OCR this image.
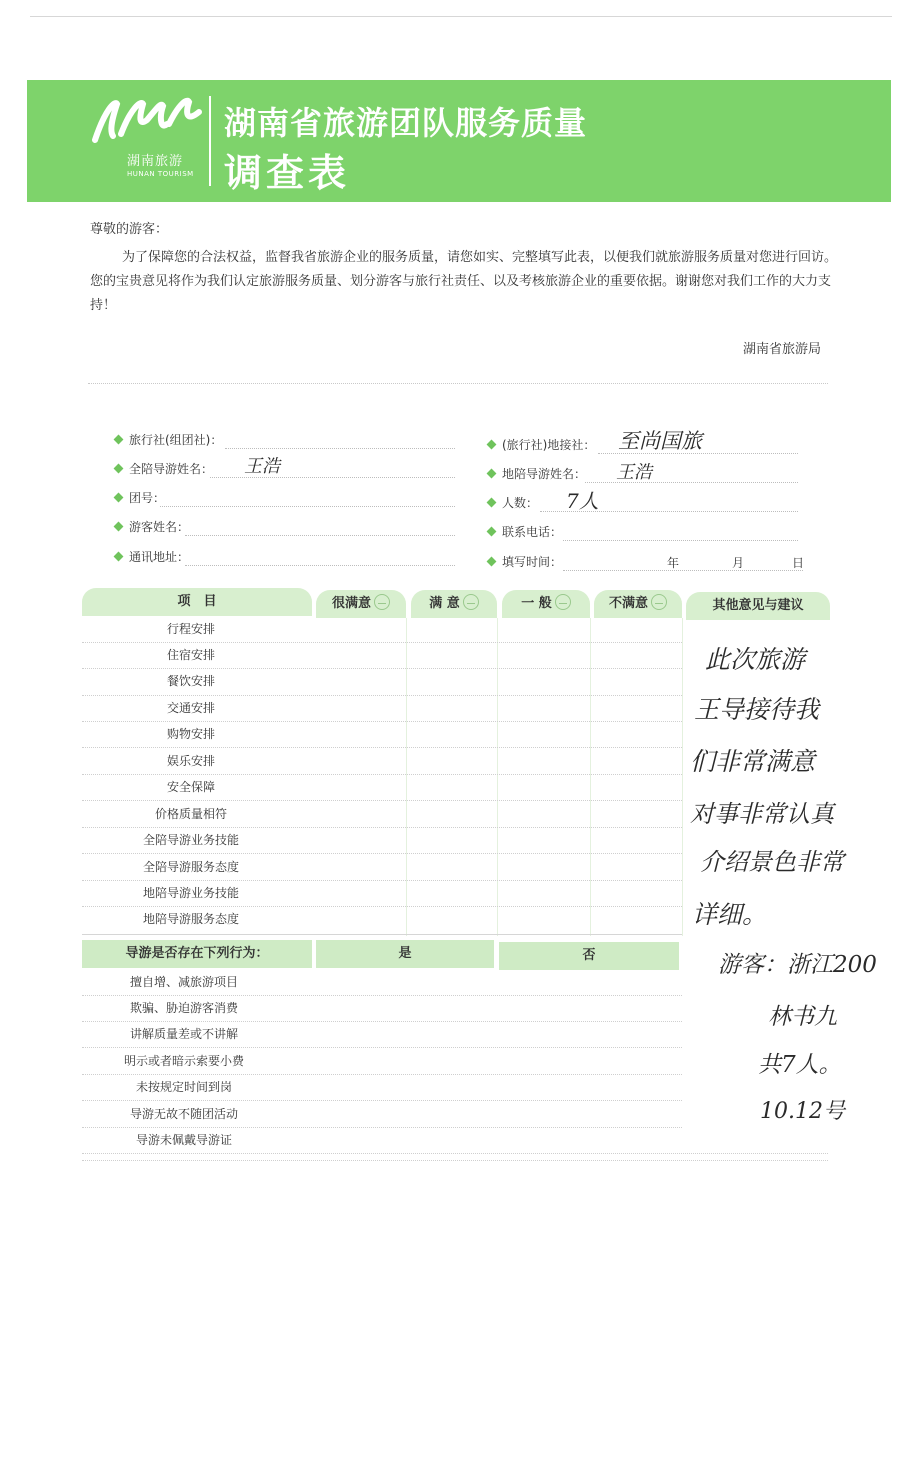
湖南旅游
HUNAN TOURISM
湖南省旅游团队服务质量
调查表
尊敬的游客：
为了保障您的合法权益，监督我省旅游企业的服务质量，请您如实、完整填写此表，以便我们就旅游服务质量对您进行回访。您的宝贵意见将作为我们认定旅游服务质量、划分游客与旅行社责任、以及考核旅游企业的重要依据。谢谢您对我们工作的大力支持！
湖南省旅游局
旅行社(组团社)：
全陪导游姓名： 王浩
团号：
游客姓名：
通讯地址：
(旅行社)地接社： 至尚国旅
地陪导游姓名： 王浩
人数： 7人
联系电话：
填写时间：	年	月	日
项　目	很满意	满 意	一 般	不满意	其他意见与建议
行程安排
住宿安排
餐饮安排
交通安排
购物安排
娱乐安排
安全保障
价格质量相符
全陪导游业务技能
全陪导游服务态度
地陪导游业务技能
地陪导游服务态度
导游是否存在下列行为：	是	否
擅自增、减旅游项目
欺骗、胁迫游客消费
讲解质量差或不讲解
明示或者暗示索要小费
未按规定时间到岗
导游无故不随团活动
导游未佩戴导游证
此次旅游
王导接待我
们非常满意
对事非常认真
介绍景色非常
详细。
游客：浙江200
林书九
共7人。
10.12号
